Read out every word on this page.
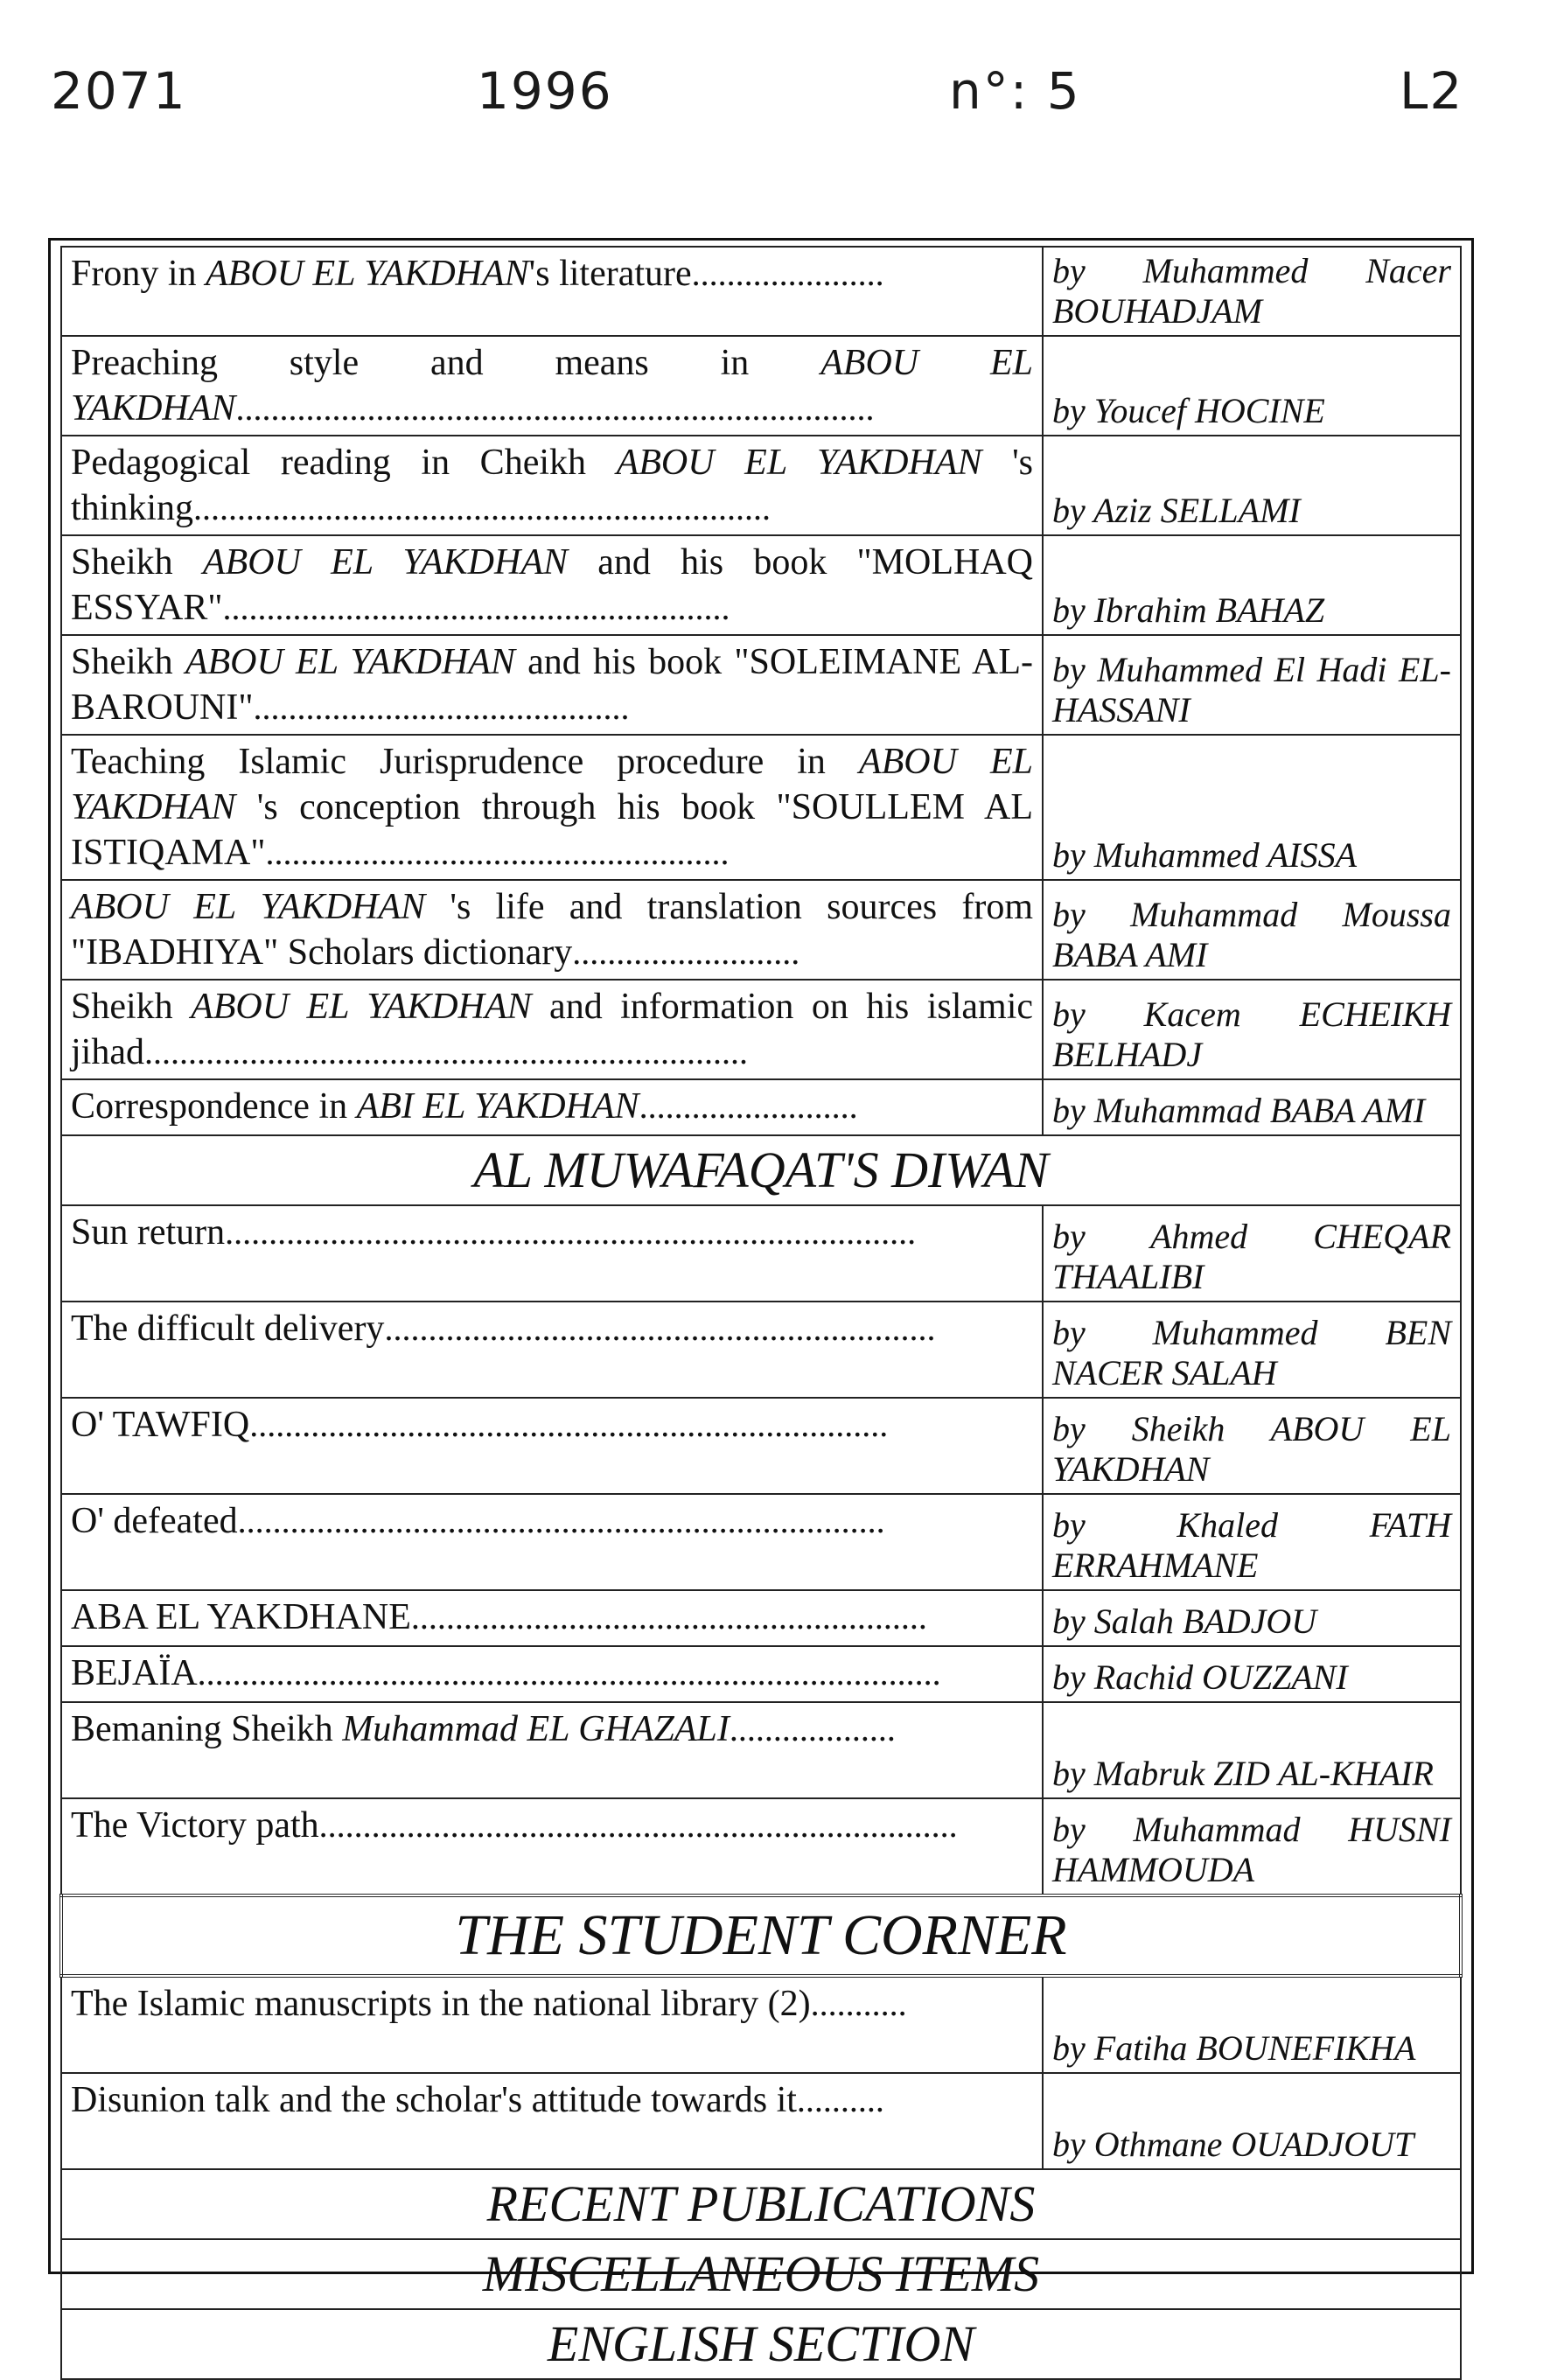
2071	1996	n°: 5	L2
Frony in ABOU EL YAKDHAN's literature......................	by Muhammed Nacer BOUHADJAM
Preaching style and means in ABOU EL YAKDHAN.........................................................................	by Youcef HOCINE
Pedagogical reading in Cheikh ABOU EL YAKDHAN 's thinking..................................................................	by Aziz SELLAMI
Sheikh ABOU EL YAKDHAN and his book "MOLHAQ ESSYAR"..........................................................	by Ibrahim BAHAZ
Sheikh ABOU EL YAKDHAN and his book "SOLEIMANE AL-BAROUNI"...........................................	by Muhammed El Hadi EL-HASSANI
Teaching Islamic Jurisprudence procedure in ABOU EL YAKDHAN 's conception through his book "SOULLEM AL ISTIQAMA".....................................................	by Muhammed AISSA
ABOU EL YAKDHAN 's life and translation sources from "IBADHIYA" Scholars dictionary..........................	by Muhammad Moussa BABA AMI
Sheikh ABOU EL YAKDHAN and information on his islamic jihad.....................................................................	by Kacem ECHEIKH BELHADJ
Correspondence in ABI EL YAKDHAN.........................	by Muhammad BABA AMI
AL MUWAFAQAT'S DIWAN	
Sun return...............................................................................	by Ahmed CHEQAR THAALIBI
The difficult delivery...............................................................	by Muhammed BEN NACER SALAH
O' TAWFIQ.........................................................................	by Sheikh ABOU EL YAKDHAN
O' defeated..........................................................................	by Khaled FATH ERRAHMANE
ABA EL YAKDHANE...........................................................	by Salah BADJOU
BEJAÏA.....................................................................................	by Rachid OUZZANI
Bemaning Sheikh Muhammad EL GHAZALI...................	by Mabruk ZID AL-KHAIR
The Victory path.........................................................................	by Muhammad HUSNI HAMMOUDA
THE STUDENT CORNER	
The Islamic manuscripts in the national library (2)...........	by Fatiha BOUNEFIKHA
Disunion talk and the scholar's attitude towards it..........	by Othmane OUADJOUT
RECENT PUBLICATIONS	
MISCELLANEOUS ITEMS	
ENGLISH SECTION	
